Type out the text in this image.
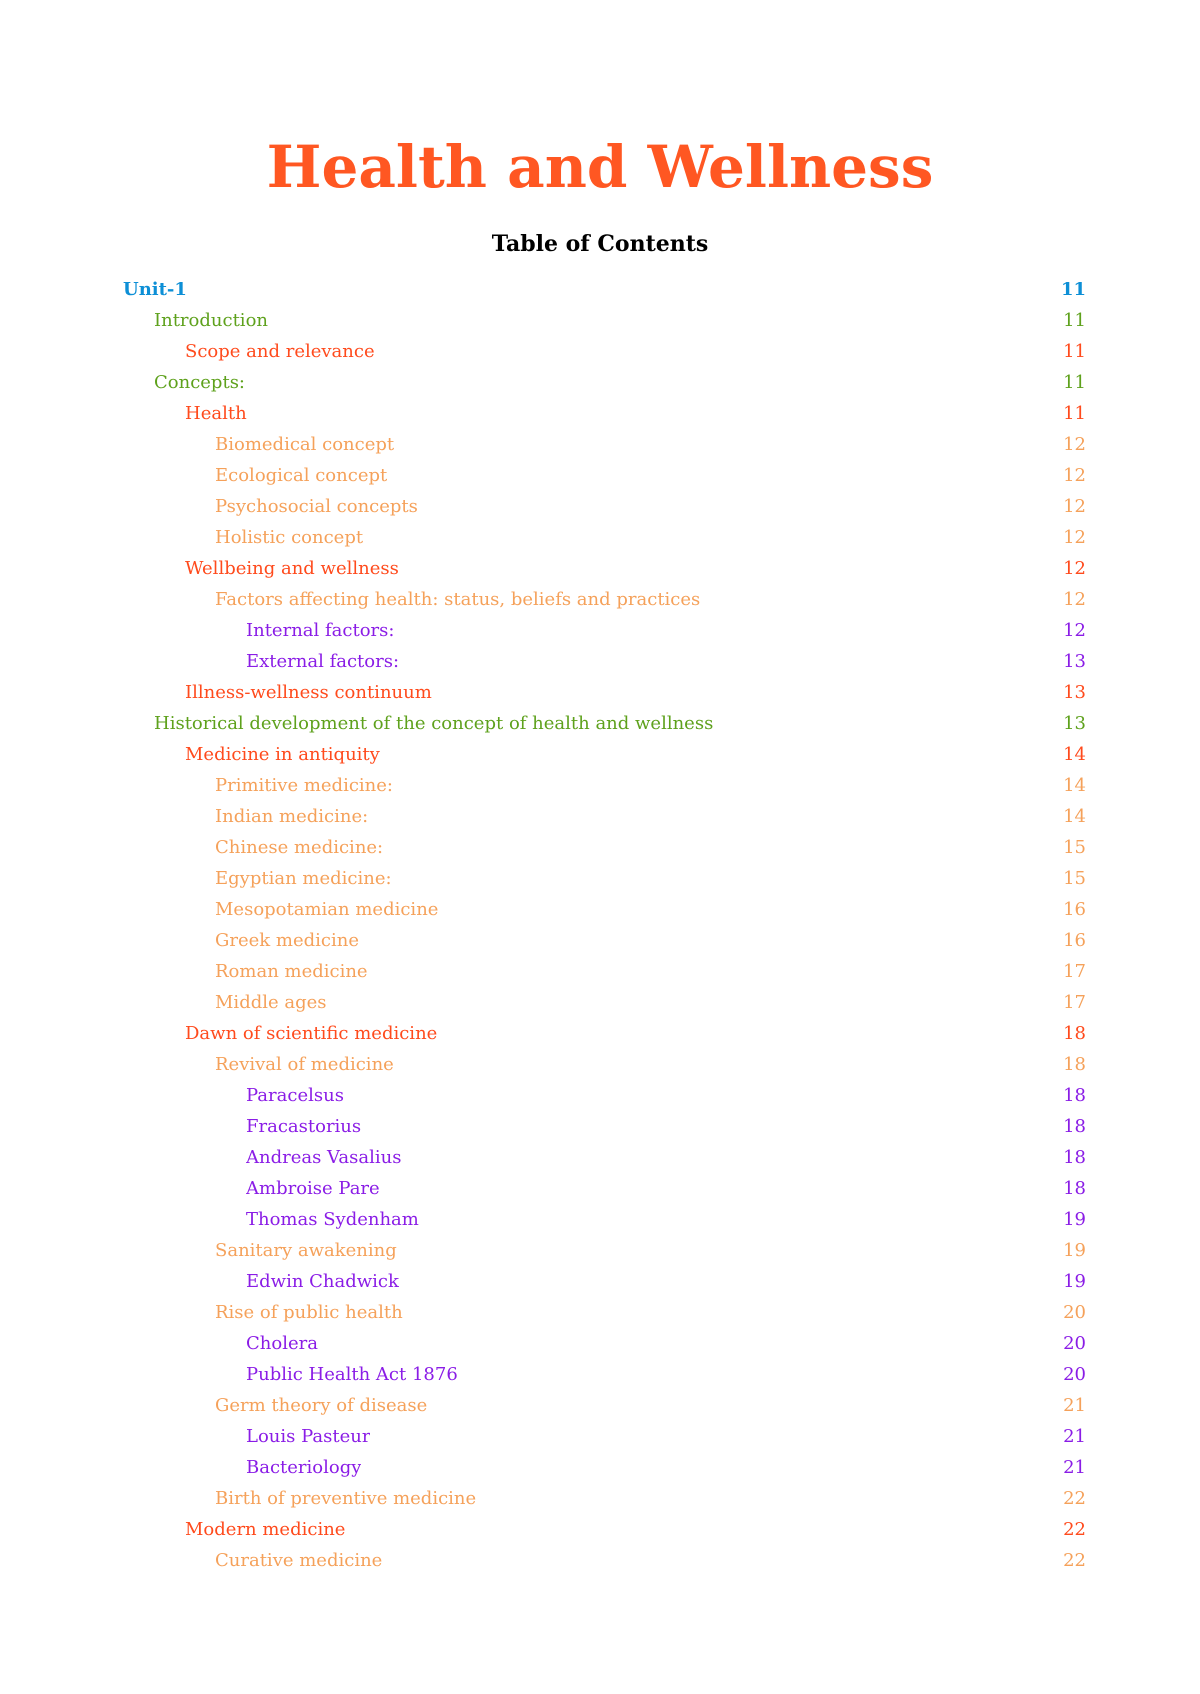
Health and Wellness
Table of Contents
Unit-1	11
Introduction	11
Scope and relevance	11
Concepts:	11
Health	11
Biomedical concept	12
Ecological concept	12
Psychosocial concepts	12
Holistic concept	12
Wellbeing and wellness	12
Factors affecting health: status, beliefs and practices	12
Internal factors:	12
External factors:	13
Illness-wellness continuum	13
Historical development of the concept of health and wellness	13
Medicine in antiquity	14
Primitive medicine:	14
Indian medicine:	14
Chinese medicine:	15
Egyptian medicine:	15
Mesopotamian medicine	16
Greek medicine	16
Roman medicine	17
Middle ages	17
Dawn of scientific medicine	18
Revival of medicine	18
Paracelsus	18
Fracastorius	18
Andreas Vasalius	18
Ambroise Pare	18
Thomas Sydenham	19
Sanitary awakening	19
Edwin Chadwick	19
Rise of public health	20
Cholera	20
Public Health Act 1876	20
Germ theory of disease	21
Louis Pasteur	21
Bacteriology	21
Birth of preventive medicine	22
Modern medicine	22
Curative medicine	22
